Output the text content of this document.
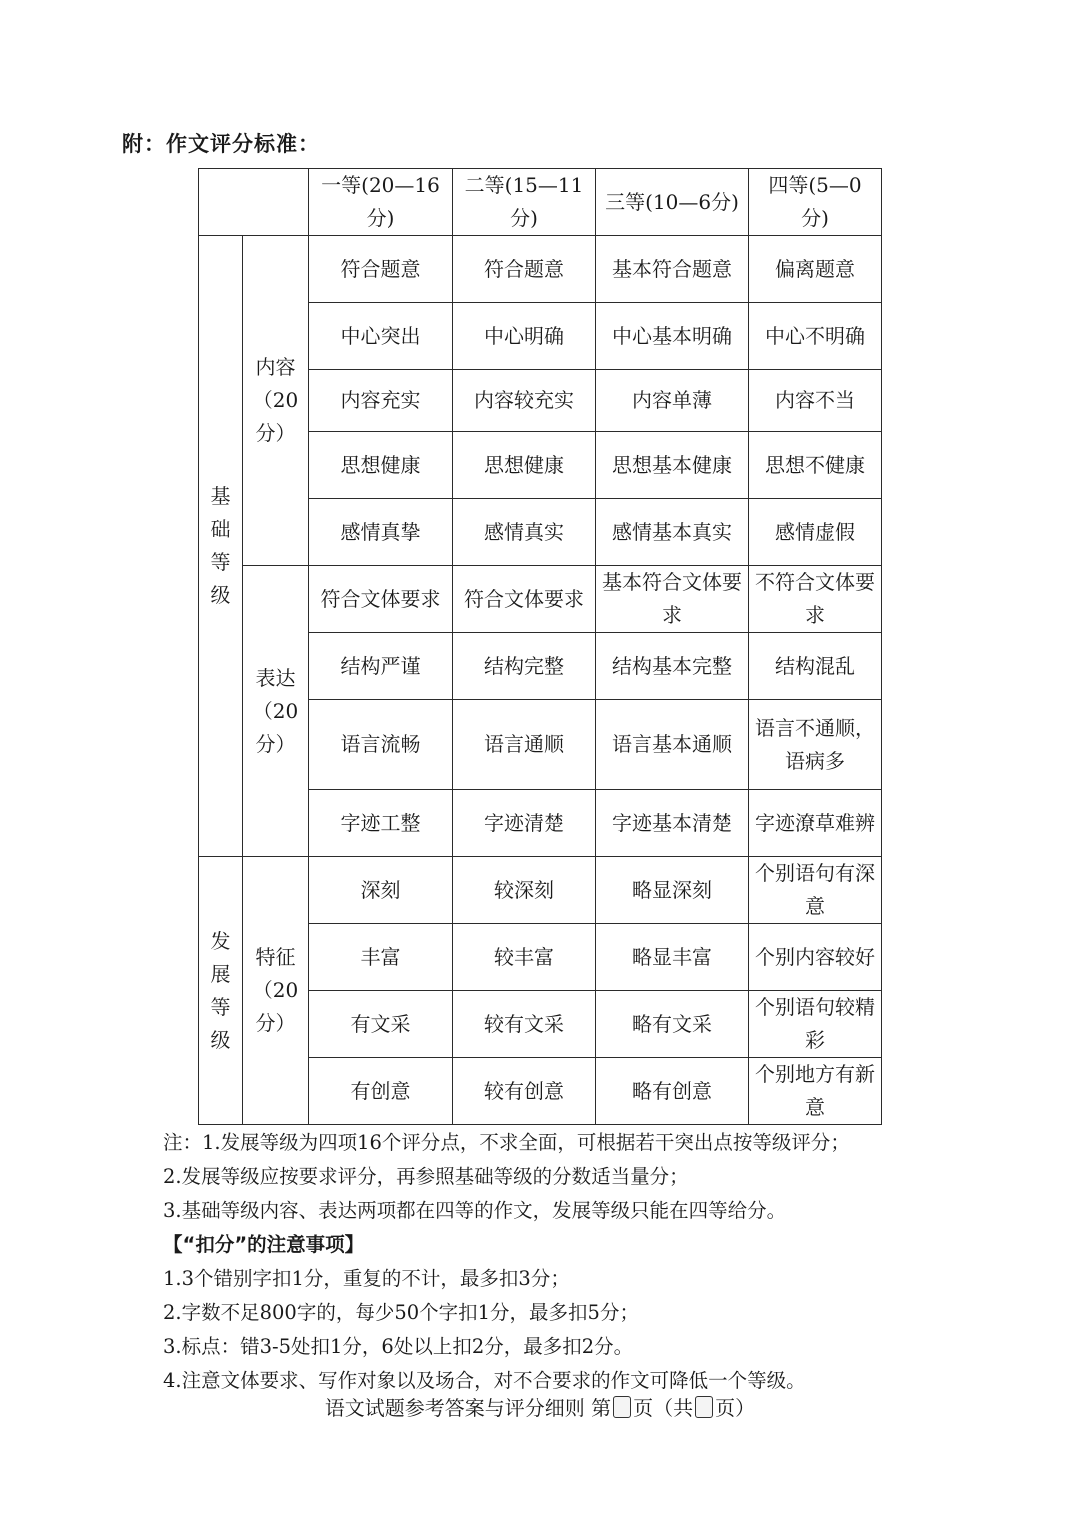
附：作文评分标准：
		一等(20—16分)	二等(15—11分)	三等(10—6分)	四等(5—0分)
基础等级	内容（20分）	符合题意	符合题意	基本符合题意	偏离题意
		中心突出	中心明确	中心基本明确	中心不明确
		内容充实	内容较充实	内容单薄	内容不当
		思想健康	思想健康	思想基本健康	思想不健康
		感情真挚	感情真实	感情基本真实	感情虚假
	表达（20分）	符合文体要求	符合文体要求	基本符合文体要求	不符合文体要求
		结构严谨	结构完整	结构基本完整	结构混乱
		语言流畅	语言通顺	语言基本通顺	语言不通顺，语病多
		字迹工整	字迹清楚	字迹基本清楚	字迹潦草难辨
发展等级	特征（20分）	深刻	较深刻	略显深刻	个别语句有深意
		丰富	较丰富	略显丰富	个别内容较好
		有文采	较有文采	略有文采	个别语句较精彩
		有创意	较有创意	略有创意	个别地方有新意

注：1.发展等级为四项16个评分点，不求全面，可根据若干突出点按等级评分；

2.发展等级应按要求评分，再参照基础等级的分数适当量分；

3.基础等级内容、表达两项都在四等的作文，发展等级只能在四等给分。

【“扣分”的注意事项】

1.3个错别字扣1分，重复的不计，最多扣3分；

2.字数不足800字的，每少50个字扣1分，最多扣5分；

3.标点：错3-5处扣1分，6处以上扣2分，最多扣2分。

4.注意文体要求、写作对象以及场合，对不合要求的作文可降低一个等级。

语文试题参考答案与评分细则 第 页（共 页）
